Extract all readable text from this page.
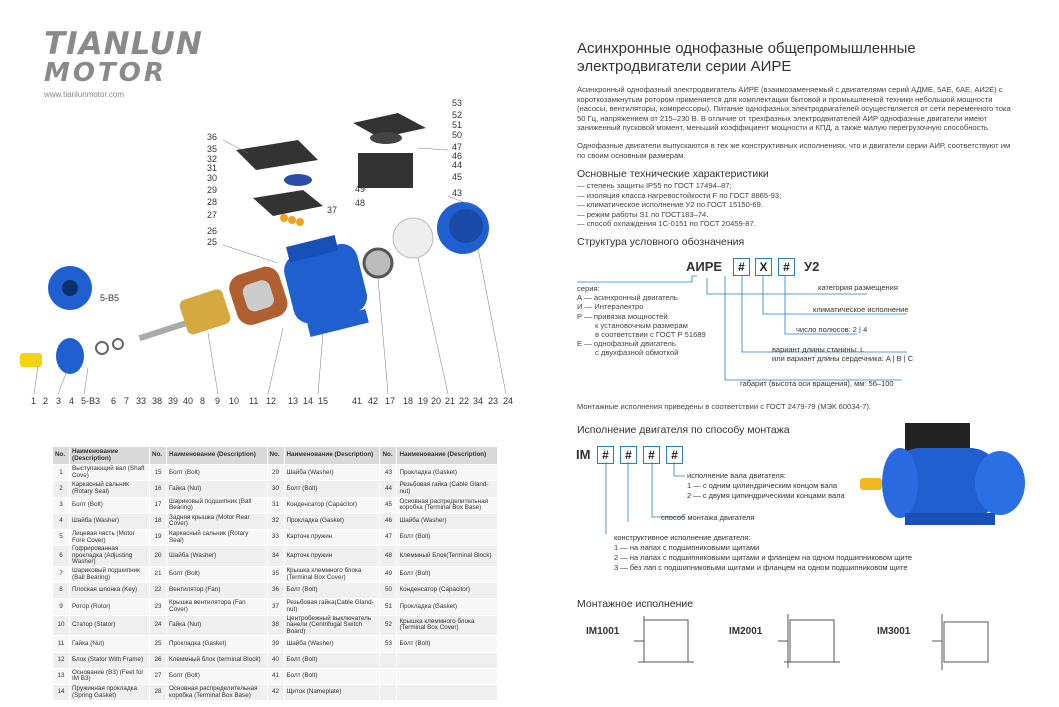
TIANLUN
MOTOR
www.tianlunmotor.com
53
52
51
50
47
46
44
45
43
49
48
36
35
32
31
30
29
28
27	37
26
25
5-B5
1 2 3 4 5-B3 6 7 33 38 39 40 8 9 10 11 12 13 14 15	41 42 17 18 19 20 21 22 34 23 24
No.	Наименование (Description)	No.	Наименование (Description)	No.	Наименование (Description)	No.	Наименование (Description)
1	Выступающий вал (Shaft Cove)	15	Болт (Bolt)	29	Шайба (Washer)	43	Прокладка (Gasket)
2	Каркасный сальник (Rotary Seal)	16	Гайка (Nut)	30	Болт (Bolt)	44	Резьбовая гайка (Cable Gland-nut)
3	Болт (Bolt)	17	Шариковый подшипник (Ball Bearing)	31	Конденсатор (Capacitor)	45	Основная распределительная коробка (Terminal Box Base)
4	Шайба (Washer)	18	Задняя крышка (Motor Rear Cover)	32	Прокладка (Gasket)	46	Шайба (Washer)
5	Лицевая часть (Motor Fore Cover)	19	Каркасный сальник (Rotary Seal)	33	Карточк пружин	47	Болт (Bolt)
6	Гофрированная прокладка (Adjusting Washer)	20	Шайба (Washer)	34	Карточк пружин	48	Клеммный Блок(Terminal Block)
7	Шариковый подшипник (Ball Bearing)	21	Болт (Bolt)	35	Крышка клеммного блока (Terminal Box Cover)	49	Болт (Bolt)
8	Плоская шпонка (Key)	22	Вентилятор (Fan)	36	Болт (Bolt)	50	Конденсатор (Capacitor)
9	Ротор (Rotor)	23	Крышка вентилятора (Fan Cover)	37	Резьбовая гайка(Cable Gland-nut)	51	Прокладка (Gasket)
10	Статор (Stator)	24	Гайка (Nut)	38	Центробежный выключатель панели (Centrifugal Switch Board)	52	Крышка клеммного блока (Terminal Box Cover)
11	Гайка (Nut)	25	Прокладка (Gasket)	39	Шайба (Washer)	53	Болт (Bolt)
12	Блок (Stator With Frame)	26	Клеммный блок (terminal Block)	40	Болт (Bolt)		
13	Основание (B3) (Feet for IM B3)	27	Болт (Bolt)	41	Болт (Bolt)		
14	Пружинная прокладка (Spring Gasket)	28	Основная распределительная коробка (Terminal Box Base)	42	Щиток (Nameplate)		
Асинхронные однофазные общепромышленные
электродвигатели серии АИРЕ
Асинхронный однофазный электродвигатель АИРЕ (взаимозаменяемый с двигателями серий АДМЕ, 5АЕ, 6АЕ, АИ2Е) с короткозамкнутым ротором применяется для комплектации бытовой и промышленной техники небольшой мощности (насосы, вентиляторы, компрессоры). Питание однофазных электродвигателей осуществляется от сети переменного тока 50 Гц, напряжением от 215–230 В. В отличие от трехфазных электродвигателей АИР однофазные двигатели имеют заниженный пусковой момент, меньший коэффициент мощности и КПД, а также малую перегрузочную способность.
Однофазные двигатели выпускаются в тех же конструктивных исполнениях, что и двигатели серии АИР, соответствуют им по своим основным размерам.
Основные технические характеристики
— степень защиты IP55 по ГОСТ 17494–87;
— изоляция класса нагревостойкости F по ГОСТ 8865-93;
— климатическое исполнение У2 по ГОСТ 15150-69.
— режим работы S1 по ГОСТ183–74.
— способ охлаждения 1С-0151 по ГОСТ 20459-87.
Структура условного обозначения
АИРЕ	#	X	#	У2
категория размещения
климатическое исполнение
число полюсов: 2 | 4
вариант длины станины: L
или вариант длины сердечника: A | B | C
габарит (высота оси вращения), мм: 56–100
серия:
А — асинхронный двигатель
И — Интерэлектро
Р — привязка мощностей
к установочным размерам
в соответствии с ГОСТ Р 51689
Е — однофазный двигатель
с двухфазной обмоткой
Монтажные исполнения приведены в соответствии с ГОСТ 2479-79 (МЭК 60034-7).
Исполнение двигателя по способу монтажа
IM #	#	#	#
исполнение вала двигателя:
1 — с одним цилиндрическим концом вала
2 — с двумя цилиндрическими концами вала
способ монтажа двигателя
конструктивное исполнение двигателя:
1 — на лапах с подшипниковыми щитами
2 — на лапах с подшипниковыми щитами и фланцем на одном подшипниковом щите
3 — без лап с подшипниковыми щитами и фланцем на одном подшипниковом щите
Монтажное исполнение
IM1001	IM2001	IM3001
